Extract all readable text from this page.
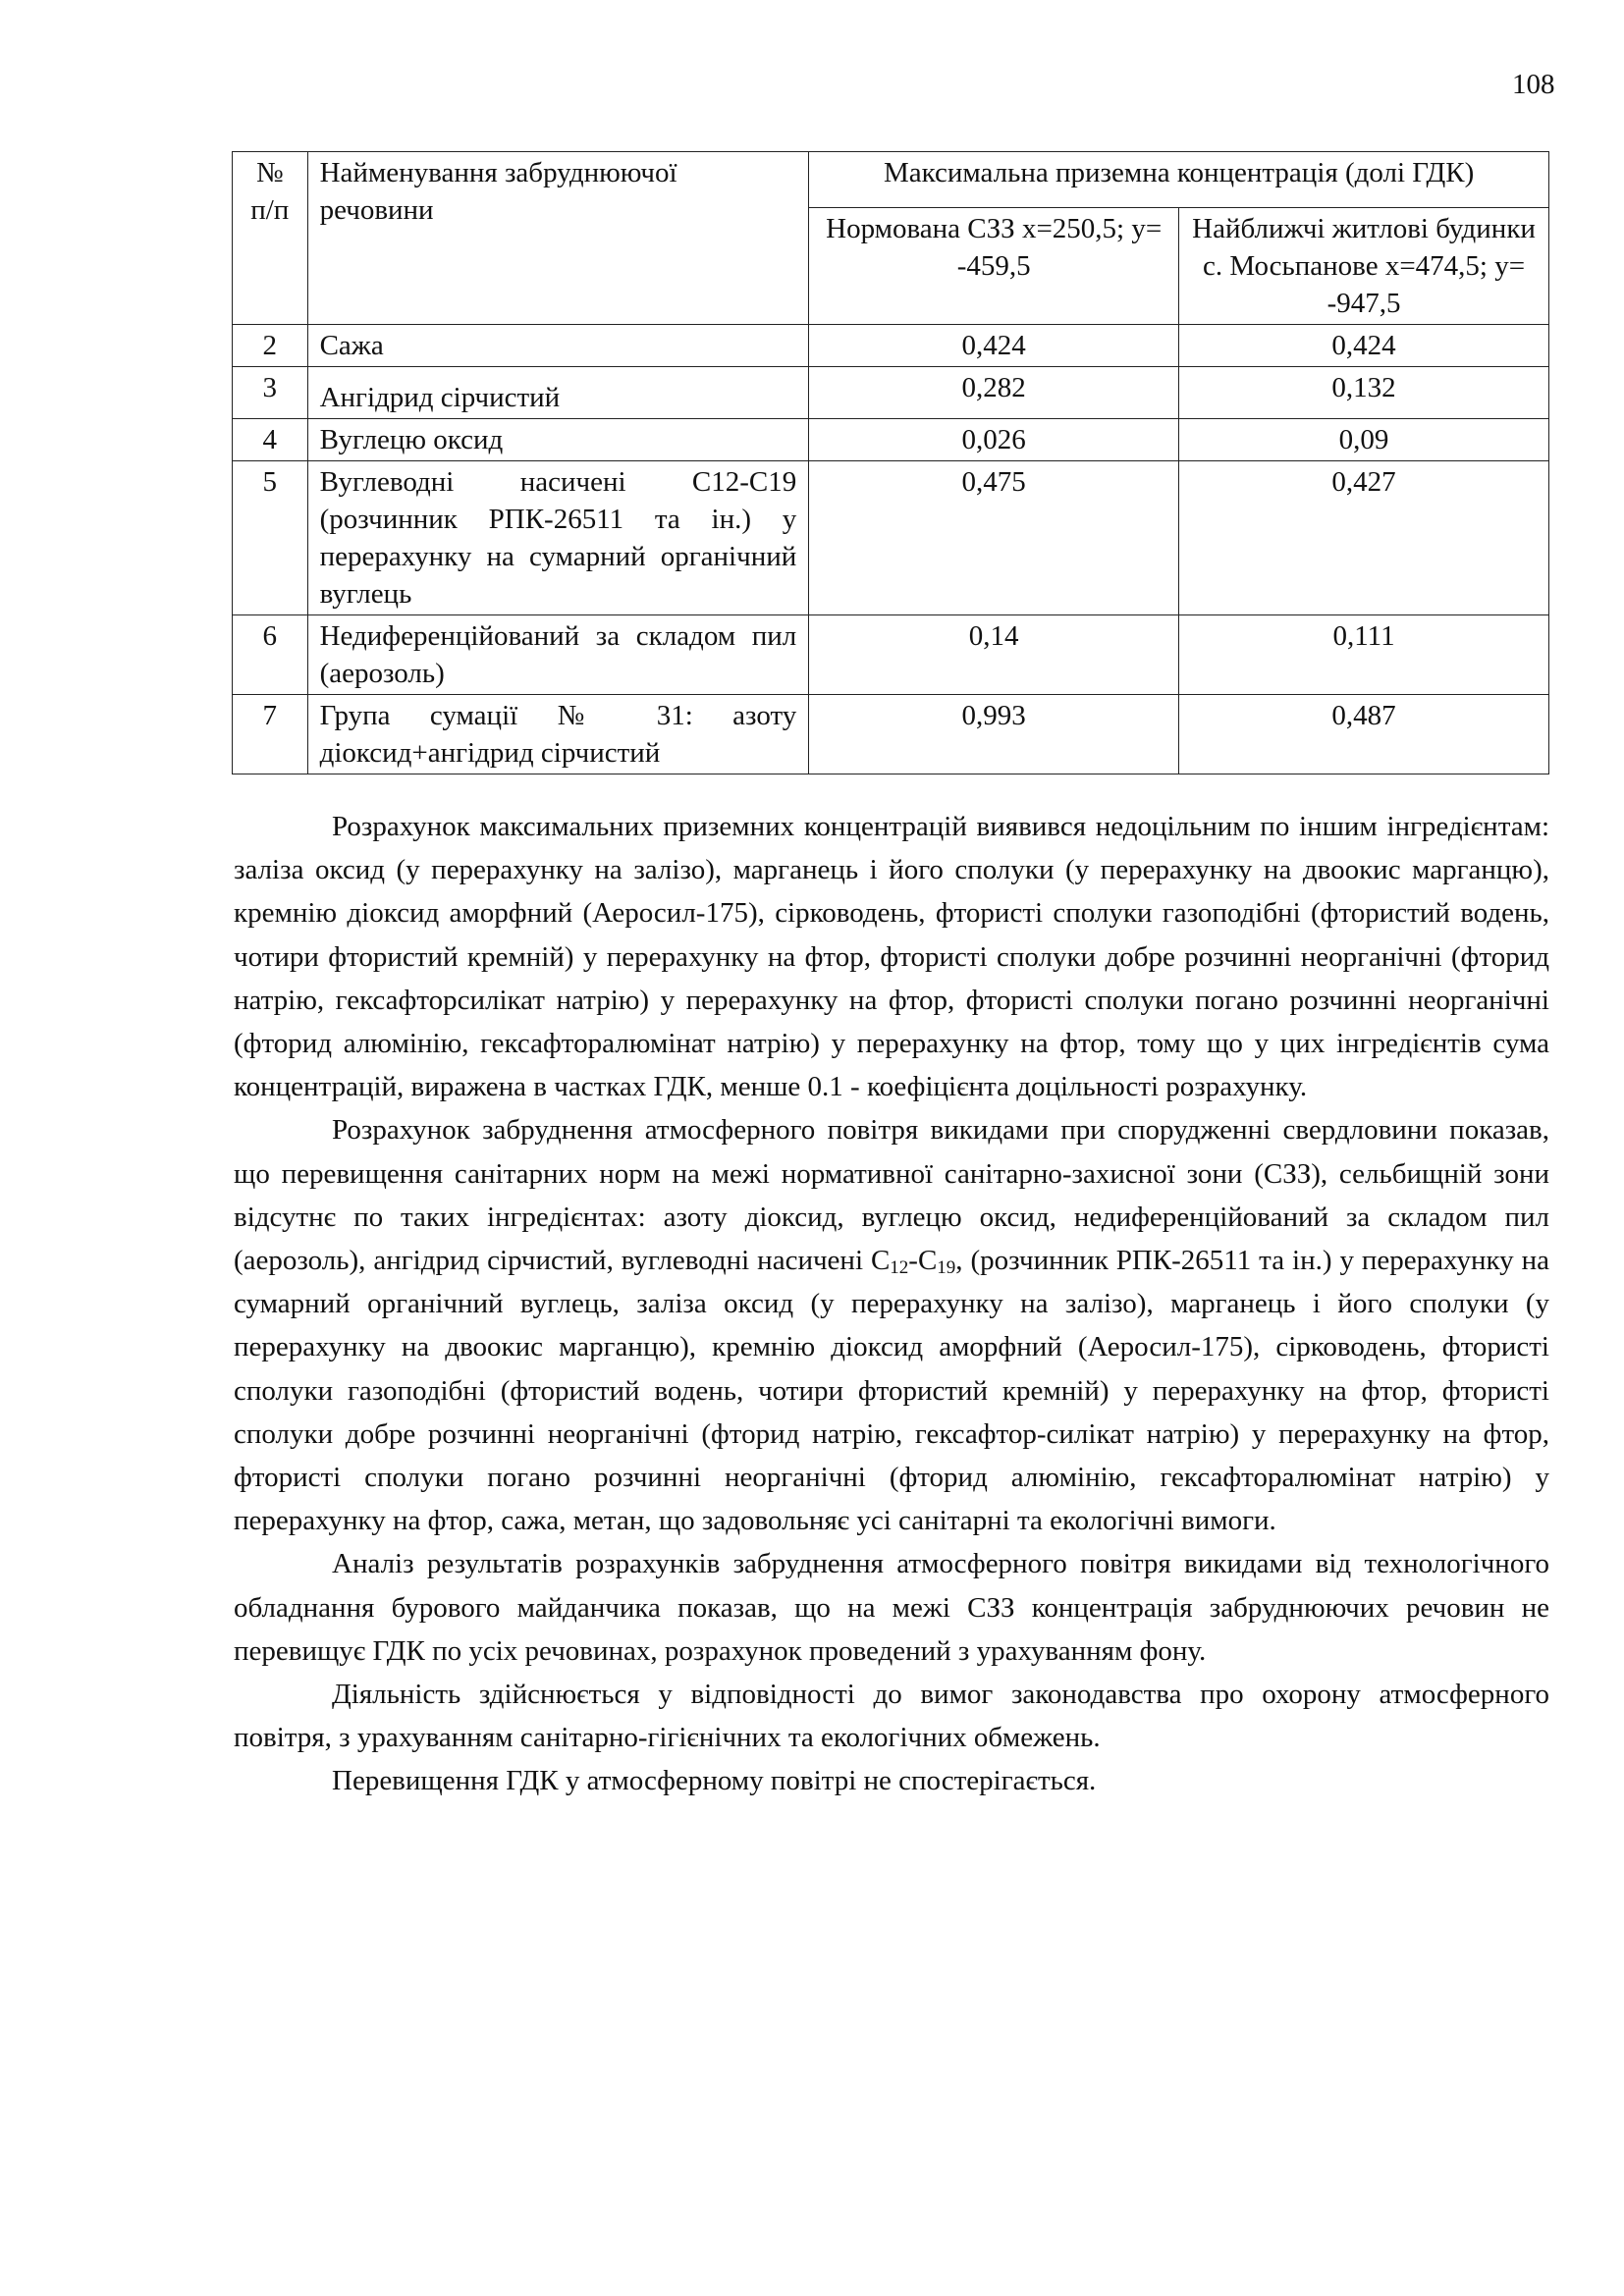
108
№ п/п	Найменування забруднюючої речовини	Максимальна приземна концентрація (долі ГДК)	
		Нормована СЗЗ x=250,5; y= -459,5	Найближчі житлові будинки с. Мосьпанове x=474,5; y= -947,5
2	Сажа	0,424	0,424
3	Ангідрид сірчистий	0,282	0,132
4	Вуглецю оксид	0,026	0,09
5	Вуглеводні насичені С12-С19 (розчинник РПК-26511 та ін.) у перерахунку на сумарний органічний вуглець	0,475	0,427
6	Недиференційований за складом пил (аерозоль)	0,14	0,111
7	Група сумації № 31: азоту діоксид+ангідрид сірчистий	0,993	0,487

Розрахунок максимальних приземних концентрацій виявився недоцільним по іншим інгредієнтам: заліза оксид (у перерахунку на залізо), марганець і його сполуки (у перерахунку на двоокис марганцю), кремнію діоксид аморфний (Аеросил-175), сірководень, фтористі сполуки газоподібні (фтористий водень, чотири фтористий кремній) у перерахунку на фтор, фтористі сполуки добре розчинні неорганічні (фторид натрію, гексафторсилікат натрію) у перерахунку на фтор, фтористі сполуки погано розчинні неорганічні (фторид алюмінію, гексафторалюмінат натрію) у перерахунку на фтор, тому що у цих інгредієнтів сума концентрацій, виражена в частках ГДК, менше 0.1 - коефіцієнта доцільності розрахунку.

Розрахунок забруднення атмосферного повітря викидами при спорудженні свердловини показав, що перевищення санітарних норм на межі нормативної санітарно-захисної зони (СЗЗ), сельбищній зони відсутнє по таких інгредієнтах: азоту діоксид, вуглецю оксид, недиференційований за складом пил (аерозоль), ангідрид сірчистий, вуглеводні насичені $С_{12}-С_{19}$, (розчинник РПК-26511 та ін.) у перерахунку на сумарний органічний вуглець, заліза оксид (у перерахунку на залізо), марганець і його сполуки (у перерахунку на двоокис марганцю), кремнію діоксид аморфний (Аеросил-175), сірководень, фтористі сполуки газоподібні (фтористий водень, чотири фтористий кремній) у перерахунку на фтор, фтористі сполуки добре розчинні неорганічні (фторид натрію, гексафтор-силікат натрію) у перерахунку на фтор, фтористі сполуки погано розчинні неорганічні (фторид алюмінію, гексафторалюмінат натрію) у перерахунку на фтор, сажа, метан, що задовольняє усі санітарні та екологічні вимоги.

Аналіз результатів розрахунків забруднення атмосферного повітря викидами від технологічного обладнання бурового майданчика показав, що на межі СЗЗ концентрація забруднюючих речовин не перевищує ГДК по усіх речовинах, розрахунок проведений з урахуванням фону.

Діяльність здійснюється у відповідності до вимог законодавства про охорону атмосферного повітря, з урахуванням санітарно-гігієнічних та екологічних обмежень.

Перевищення ГДК у атмосферному повітрі не спостерігається.
